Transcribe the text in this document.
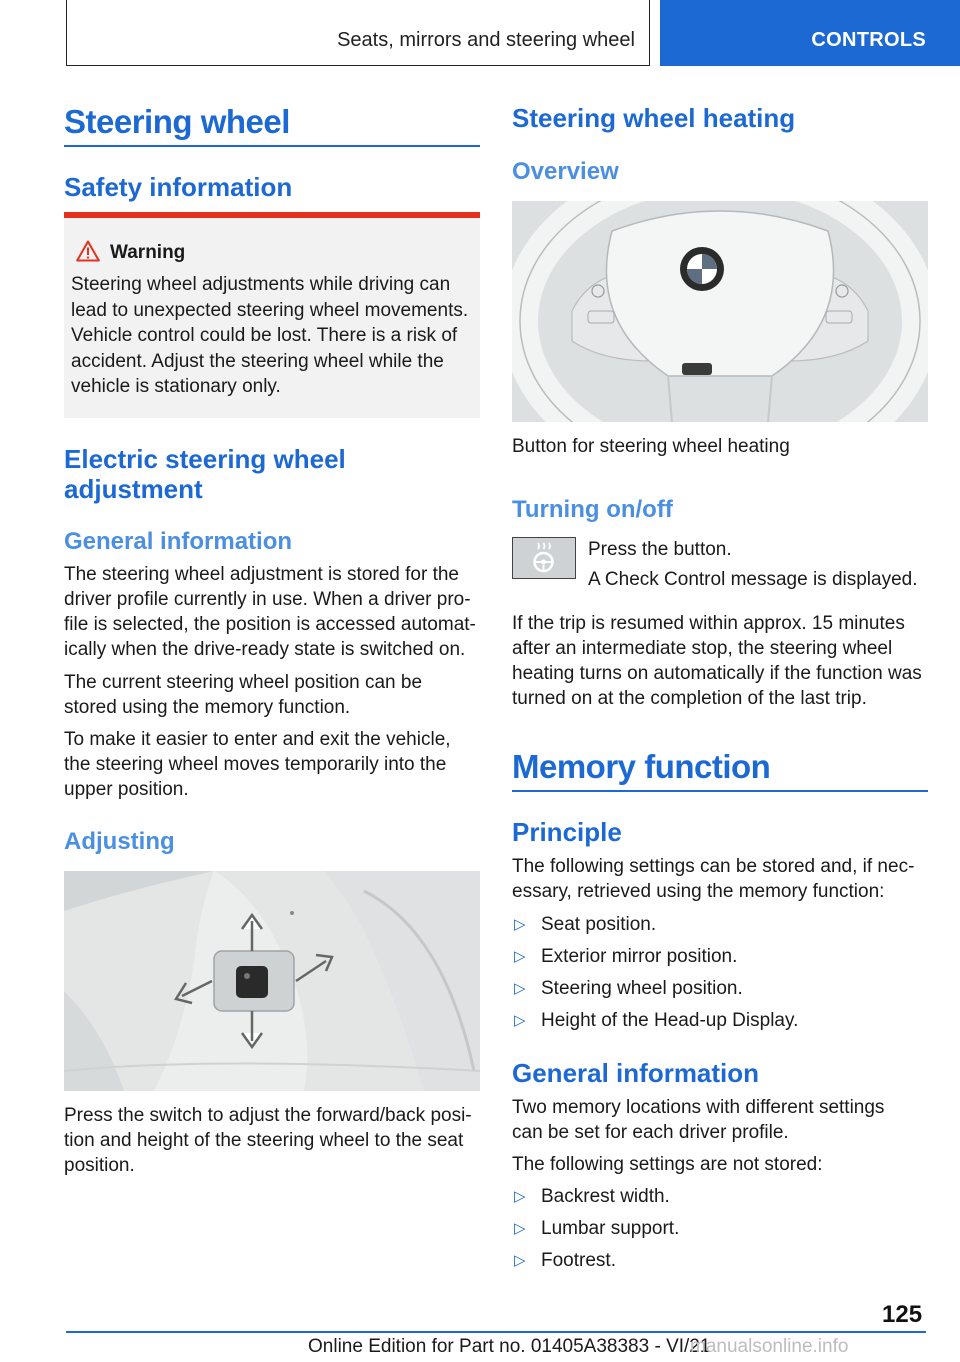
Seats, mirrors and steering wheel	CONTROLS
Steering wheel
Safety information
Warning
Steering wheel adjustments while driving can
lead to unexpected steering wheel movements.
Vehicle control could be lost. There is a risk of
accident. Adjust the steering wheel while the
vehicle is stationary only.
Electric steering wheel
adjustment
General information
The steering wheel adjustment is stored for the
driver profile currently in use. When a driver pro‐
file is selected, the position is accessed automat‐
ically when the drive-ready state is switched on.
The current steering wheel position can be
stored using the memory function.
To make it easier to enter and exit the vehicle,
the steering wheel moves temporarily into the
upper position.
Adjusting
Press the switch to adjust the forward/back posi‐
tion and height of the steering wheel to the seat
position.
Steering wheel heating
Overview
Button for steering wheel heating
Turning on/off
Press the button.
A Check Control message is displayed.
If the trip is resumed within approx. 15 minutes
after an intermediate stop, the steering wheel
heating turns on automatically if the function was
turned on at the completion of the last trip.
Memory function
Principle
The following settings can be stored and, if nec‐
essary, retrieved using the memory function:
▷ Seat position.
▷ Exterior mirror position.
▷ Steering wheel position.
▷ Height of the Head-up Display.
General information
Two memory locations with different settings
can be set for each driver profile.
The following settings are not stored:
▷ Backrest width.
▷ Lumbar support.
▷ Footrest.
125
Online Edition for Part no. 01405A38383 - VI/21
manualsonline.info
